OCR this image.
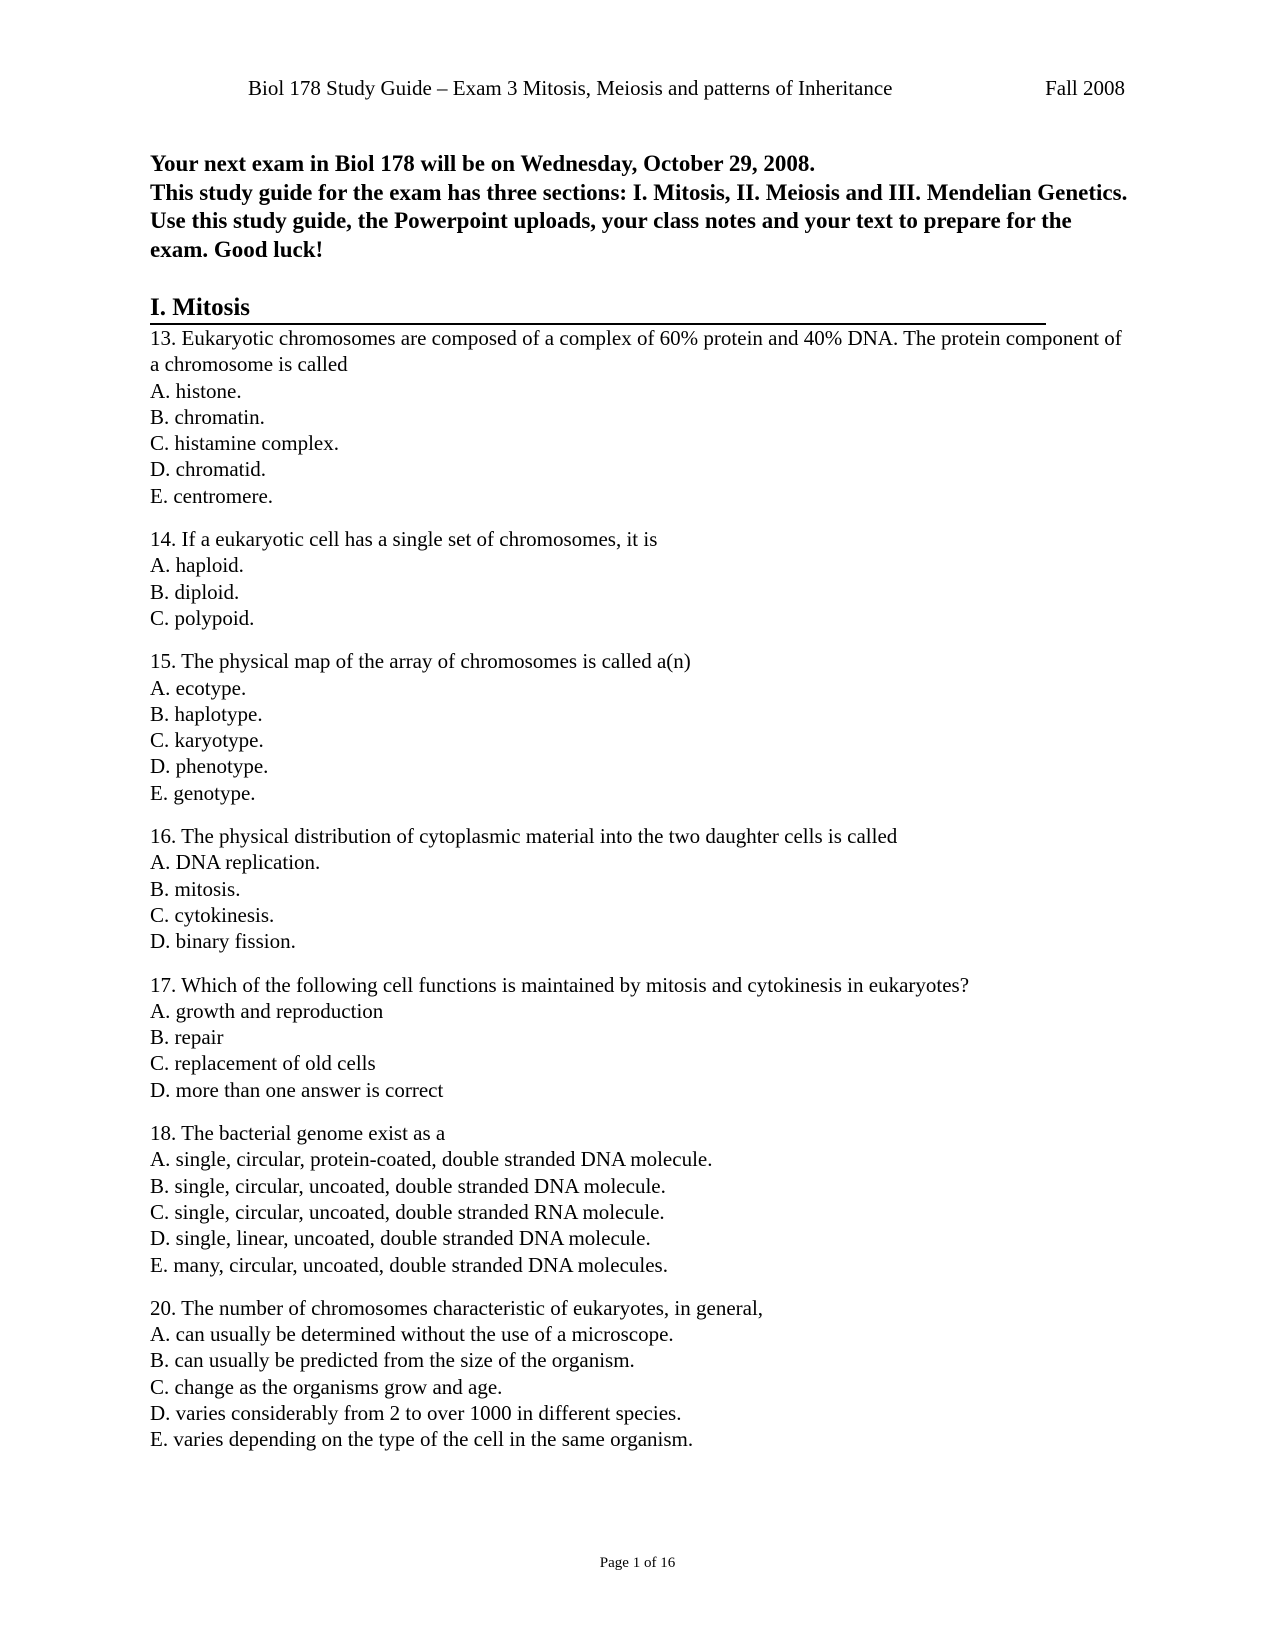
Biol 178 Study Guide – Exam 3 Mitosis, Meiosis and patterns of Inheritance	Fall 2008

Your next exam in Biol 178 will be on Wednesday, October 29, 2008.

This study guide for the exam has three sections: I. Mitosis, II. Meiosis and III. Mendelian Genetics. Use this study guide, the Powerpoint uploads, your class notes and your text to prepare for the exam. Good luck!

I. Mitosis
13. Eukaryotic chromosomes are composed of a complex of 60% protein and 40% DNA. The protein component of a chromosome is called
A. histone.
B. chromatin.
C. histamine complex.
D. chromatid.
E. centromere.
14. If a eukaryotic cell has a single set of chromosomes, it is
A. haploid.
B. diploid.
C. polypoid.
15. The physical map of the array of chromosomes is called a(n)
A. ecotype.
B. haplotype.
C. karyotype.
D. phenotype.
E. genotype.
16. The physical distribution of cytoplasmic material into the two daughter cells is called
A. DNA replication.
B. mitosis.
C. cytokinesis.
D. binary fission.
17. Which of the following cell functions is maintained by mitosis and cytokinesis in eukaryotes?
A. growth and reproduction
B. repair
C. replacement of old cells
D. more than one answer is correct
18. The bacterial genome exist as a
A. single, circular, protein-coated, double stranded DNA molecule.
B. single, circular, uncoated, double stranded DNA molecule.
C. single, circular, uncoated, double stranded RNA molecule.
D. single, linear, uncoated, double stranded DNA molecule.
E. many, circular, uncoated, double stranded DNA molecules.
20. The number of chromosomes characteristic of eukaryotes, in general,
A. can usually be determined without the use of a microscope.
B. can usually be predicted from the size of the organism.
C. change as the organisms grow and age.
D. varies considerably from 2 to over 1000 in different species.
E. varies depending on the type of the cell in the same organism.
Page 1 of 16
